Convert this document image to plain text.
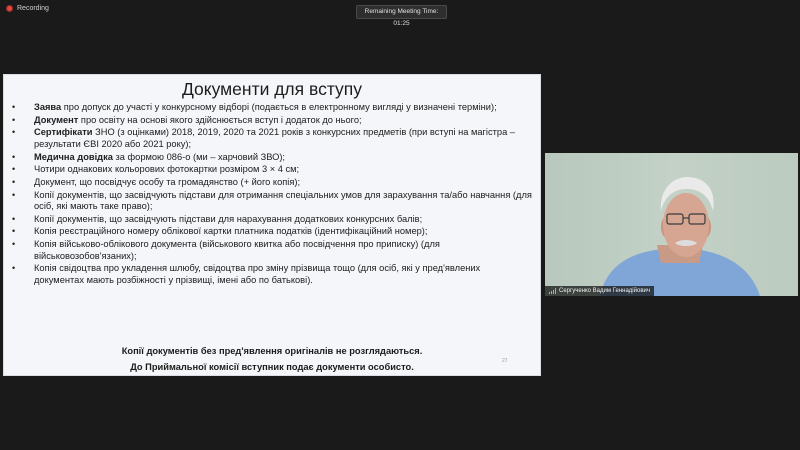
Recording	Remaining Meeting Time: 01:25
Документи для вступу
• Заява про допуск до участі у конкурсному відборі (подається в електронному вигляді у визначені терміни);
• Документ про освіту на основі якого здійснюється вступ і додаток до нього;
• Сертифікати ЗНО (з оцінками) 2018, 2019, 2020 та 2021 років з конкурсних предметів (при вступі на магістра – результати ЄВІ 2020 або 2021 року);
• Медична довідка за формою 086-о (ми – харчовий ЗВО);
• Чотири однакових кольорових фотокартки розміром 3 × 4 см;
• Документ, що посвідчує особу та громадянство (+ його копія);
• Копії документів, що засвідчують підстави для отримання спеціальних умов для зарахування та/або навчання (для осіб, які мають таке право);
• Копії документів, що засвідчують підстави для нарахування додаткових конкурсних балів;
• Копія реєстраційного номеру облікової картки платника податків (ідентифікаційний номер);
• Копія військово-облікового документа (військового квитка або посвідчення про приписку) (для військовозобов'язаних);
• Копія свідоцтва про укладення шлюбу, свідоцтва про зміну прізвища тощо (для осіб, які у пред'явлених документах мають розбіжності у прізвищі, імені або по батькові).
Копії документів без пред'явлення оригіналів не розглядаються.
До Приймальної комісії вступник подає документи особисто.
27
Сергученко Вадим Геннадійович
